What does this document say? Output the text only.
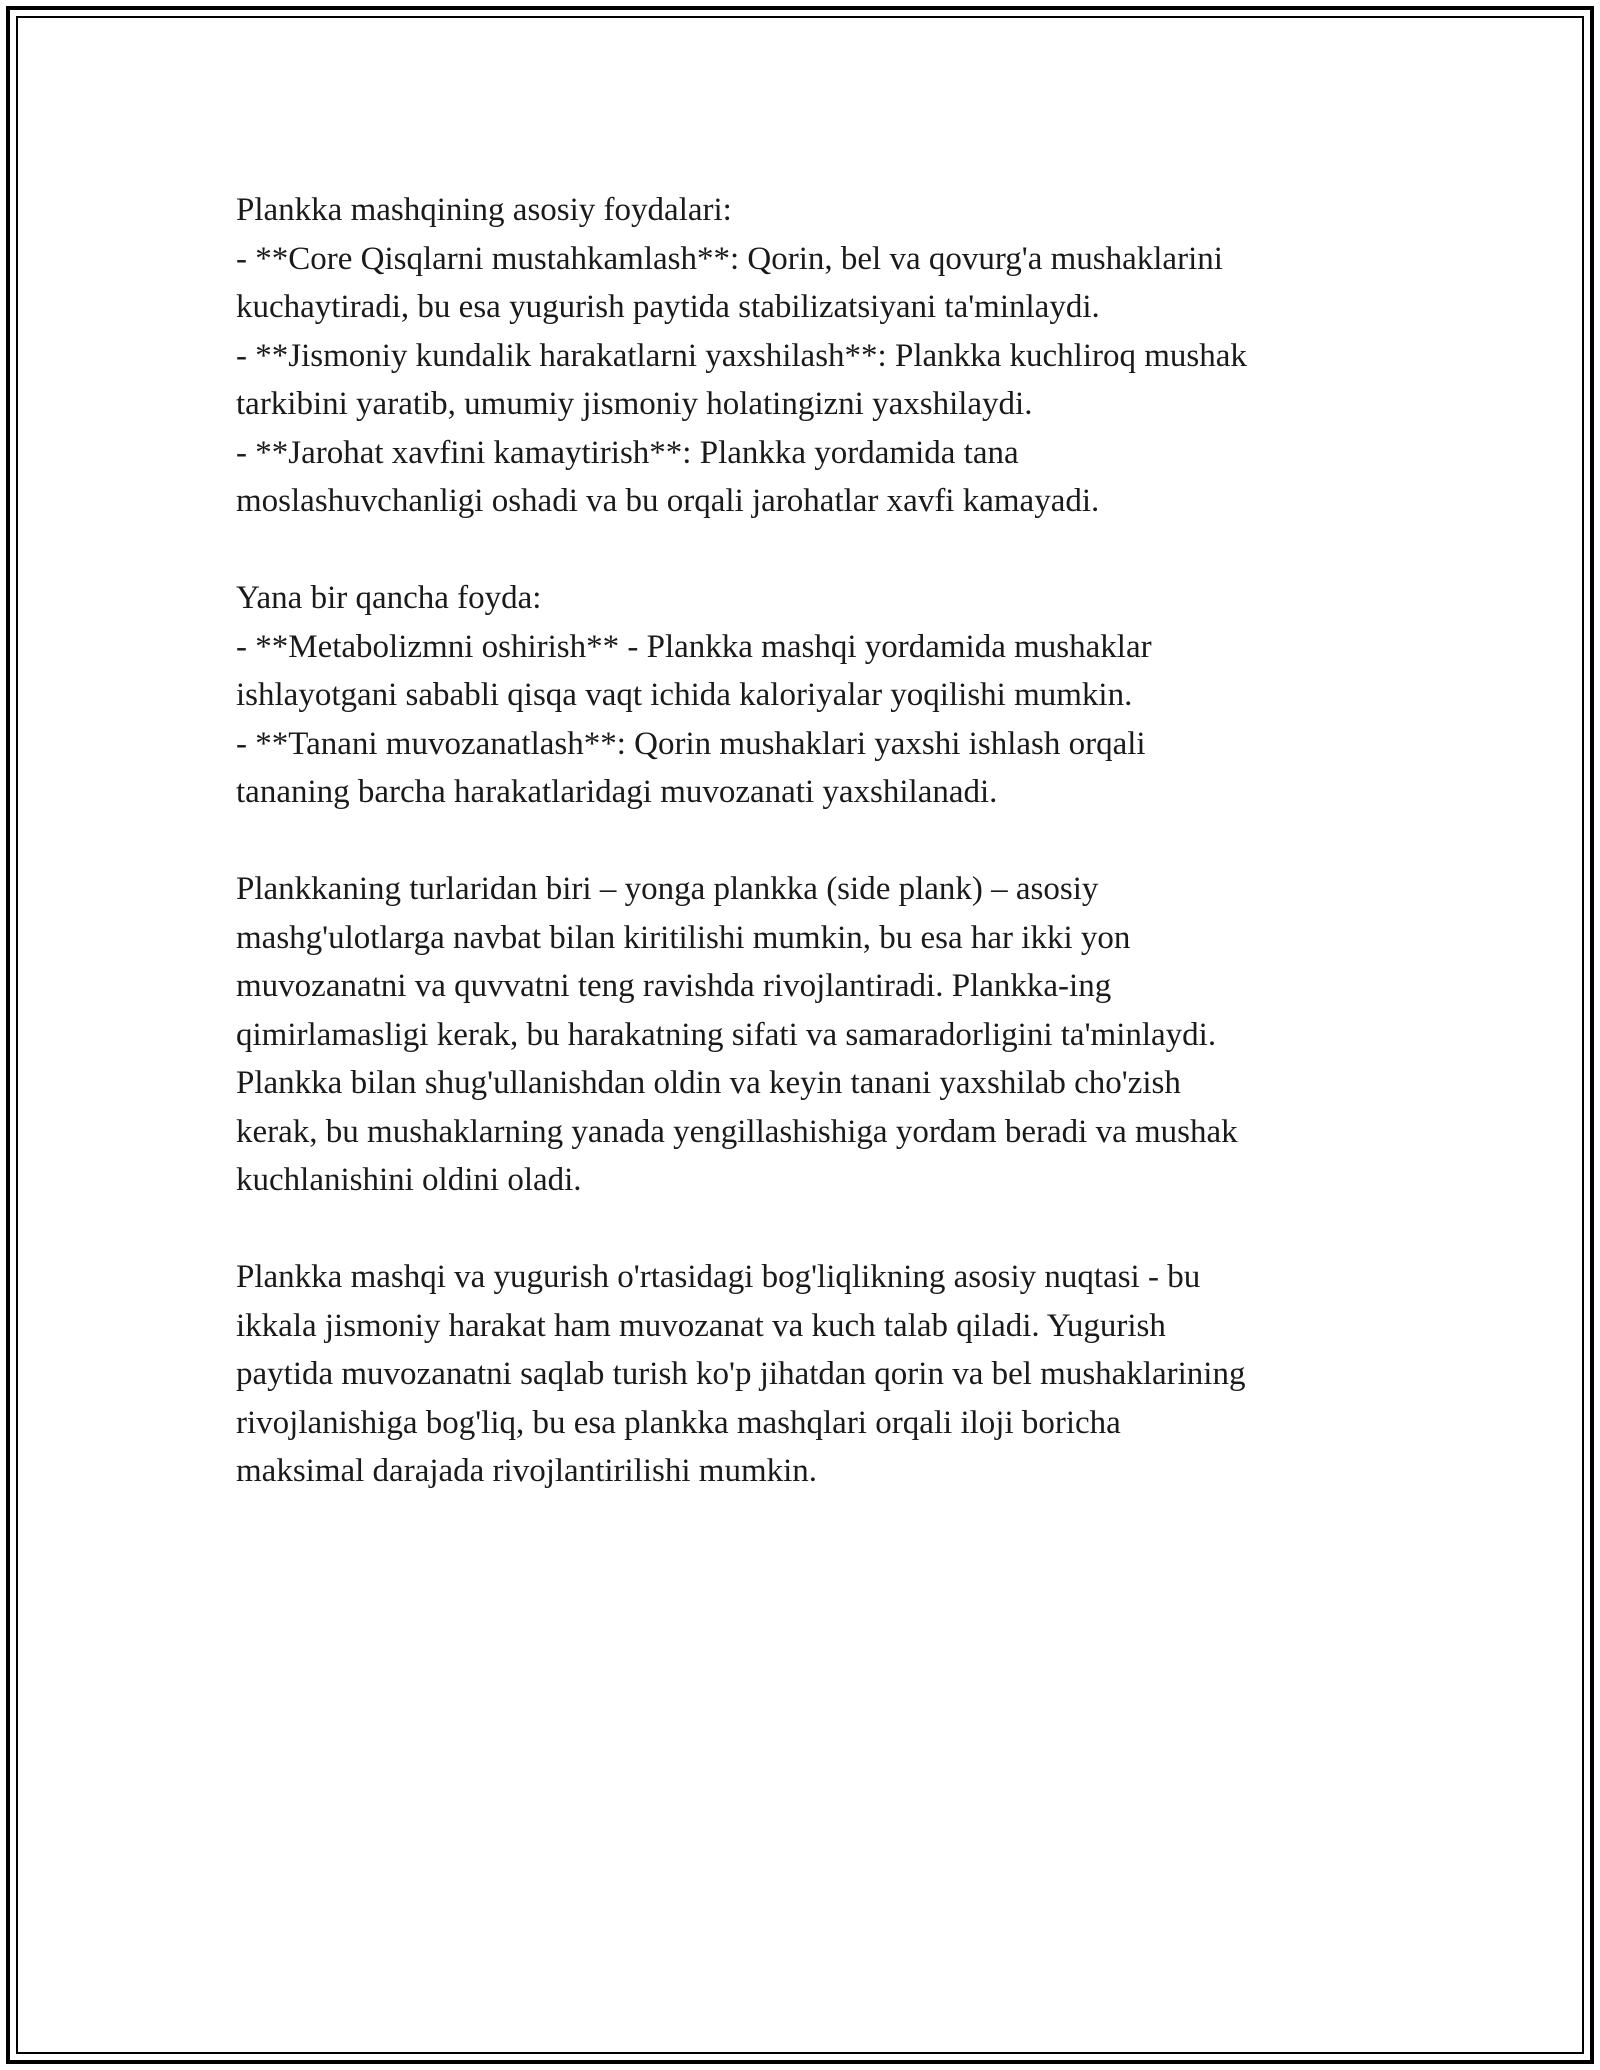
Plankka mashqining asosiy foydalari:
- **Core Qisqlarni mustahkamlash**: Qorin, bel va qovurg'a mushaklarini
kuchaytiradi, bu esa yugurish paytida stabilizatsiyani ta'minlaydi.
- **Jismoniy kundalik harakatlarni yaxshilash**: Plankka kuchliroq mushak
tarkibini yaratib, umumiy jismoniy holatingizni yaxshilaydi.
- **Jarohat xavfini kamaytirish**: Plankka yordamida tana
moslashuvchanligi oshadi va bu orqali jarohatlar xavfi kamayadi.

Yana bir qancha foyda:
- **Metabolizmni oshirish** - Plankka mashqi yordamida mushaklar
ishlayotgani sababli qisqa vaqt ichida kaloriyalar yoqilishi mumkin.
- **Tanani muvozanatlash**: Qorin mushaklari yaxshi ishlash orqali
tananing barcha harakatlaridagi muvozanati yaxshilanadi.

Plankkaning turlaridan biri – yonga plankka (side plank) – asosiy
mashg'ulotlarga navbat bilan kiritilishi mumkin, bu esa har ikki yon
muvozanatni va quvvatni teng ravishda rivojlantiradi. Plankka-ing
qimirlamasligi kerak, bu harakatning sifati va samaradorligini ta'minlaydi.
Plankka bilan shug'ullanishdan oldin va keyin tanani yaxshilab cho'zish
kerak, bu mushaklarning yanada yengillashishiga yordam beradi va mushak
kuchlanishini oldini oladi.

Plankka mashqi va yugurish o'rtasidagi bog'liqlikning asosiy nuqtasi - bu
ikkala jismoniy harakat ham muvozanat va kuch talab qiladi. Yugurish
paytida muvozanatni saqlab turish ko'p jihatdan qorin va bel mushaklarining
rivojlanishiga bog'liq, bu esa plankka mashqlari orqali iloji boricha
maksimal darajada rivojlantirilishi mumkin.
